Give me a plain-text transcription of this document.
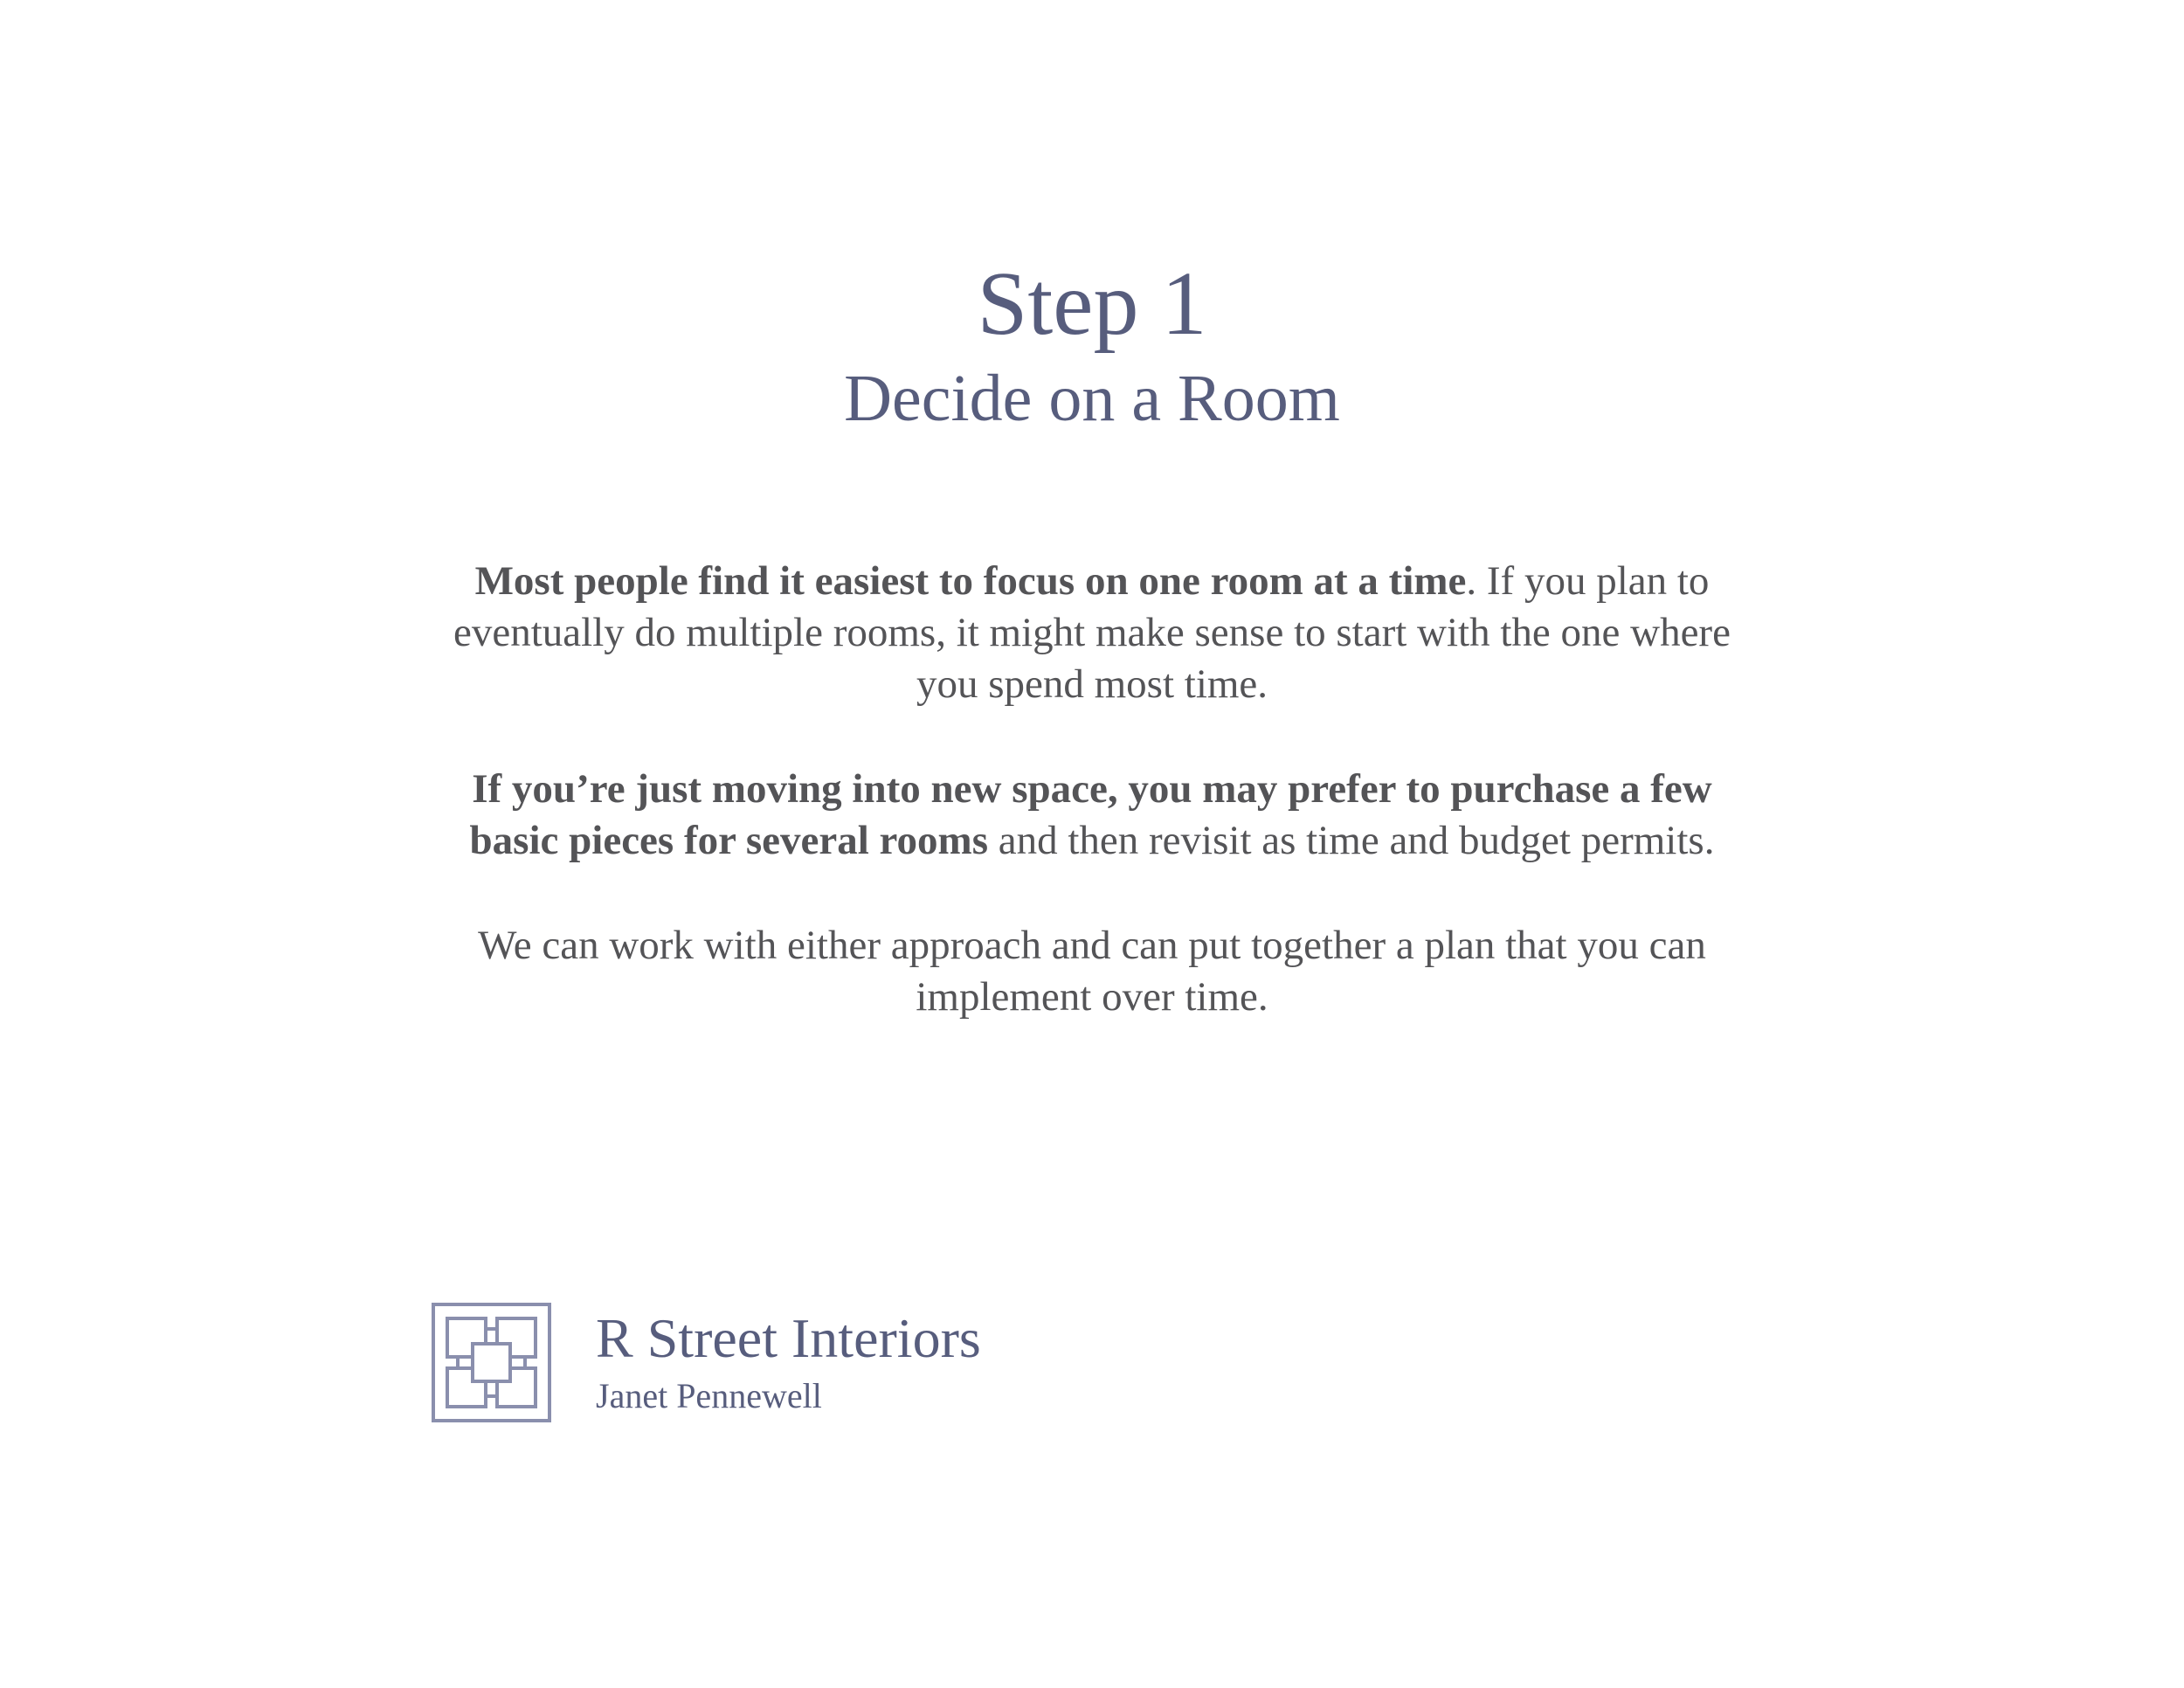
Step 1
Decide on a Room

Most people find it easiest to focus on one room at a time. If you plan to eventually do multiple rooms, it might make sense to start with the one where you spend most time.

If you’re just moving into new space, you may prefer to purchase a few basic pieces for several rooms and then revisit as time and budget permits.

We can work with either approach and can put together a plan that you can implement over time.

R Street Interiors
Janet Pennewell
